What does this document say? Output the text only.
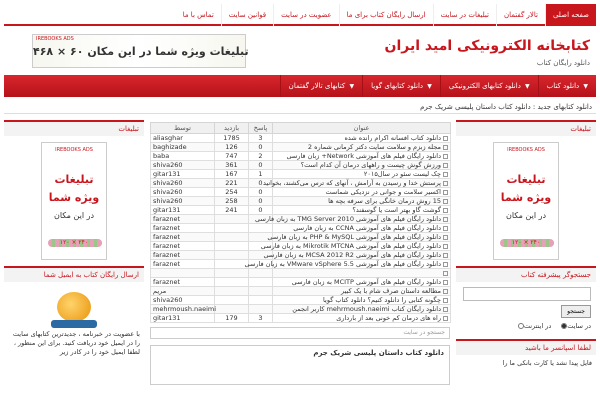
صفحه اصلی
تالار گفتمان
تبلیغات در سایت
ارسال رایگان کتاب برای ما
عضویت در سایت
قوانین سایت
تماس با ما
کتابخانه الکترونیکی امید ایران
دانلود رایگان کتاب
IREBOOKS ADS
تبلیغات ویژه شما در این مکان ۶۰ × ۴۶۸
دانلود کتاب ▼
دانلود کتابهای الکترونیکی ▼
دانلود کتابهای گویا ▼
کتابهای تالار گفتمان ▼
دانلود کتابهای جدید : دانلود کتاب داستان پلیسی شریک جرم
تبلیغات
IREBOOKS ADS
تبلیغات
ویژه شما
در این مکان
۱۲۰ × ۲۴۰
ارسال رایگان کتاب به ایمیل شما
با عضویت در خبرنامه ، جدیدترین کتابهای سایت را در ایمیل خود دریافت کنید. برای این منظور ، لطفا ایمیل خود را در کادر زیر
عنوان	پاسخ	بازدید	توسط
دانلود کتاب افسانه اکرام رانده شده	3	1785	aliasghar
مجله زبزم و سلامت سایت دکتر کرمانی شماره 2	0	126	baghizade
دانلود رایگان فیلم های آموزشی Network+ زبان فارسی	2	747	baba
ورزش گوش چیست و راههای درمان آن کدام است؟	0	361	shiva260
چک لیست سئو در سال۲۰۱۵	1	167	gitar131
پرستش خدا و رسیدن به آرامش ، آنهای که ترس می‌کشند، بخوانید	0	221	shiva260
اکسیر سلامت و جوانی در نزدیکی شماست	0	254	shiva260
15 روش درمان خانگی برای سرفه بچه ها	0	258	shiva260
گوشت گاو بهتر است یا گوسفند؟	0	241	gitar131
دانلود رایگان فیلم های آموزشی TMG Server 2010 به زبان فارسی			faraznet
دانلود رایگان فیلم های آموزشی CCNA به زبان فارسی			faraznet
دانلود رایگان فیلم های آموزشی PHP & MySQL به زبان فارسی			faraznet
دانلود رایگان فیلم های آموزشی Mikrotik MTCNA به زبان فارسی			faraznet
دانلود رایگان فیلم های آموزشی MCSA 2012 R2 به زبان فارسی			faraznet
دانلود رایگان فیلم های آموزشی VMware vSphere 5.5 به زبان فارسی			faraznet

دانلود رایگان فیلم های آموزشی MCITP به زبان فارسی			faraznet
مطالعه داستان صرف شام با یک کبیر			مریم
چگونه کتابی را دانلود کنیم؟ دانلود کتاب گویا			shiva260
دانلود رایگان کتاب mehrmoush.naeimi کاربر انجمن			mehrmoush.naeimi
راه های درمان کم خونی بعد از بارداری	3	179	gitar131
جستجو در سایت
دانلود کتاب داستان پلیسی شریک جرم
تبلیغات
IREBOOKS ADS
تبلیغات
ویژه شما
در این مکان
۱۲۰ × ۲۴۰
جستجوگر پیشرفته کتاب
جستجو
در سایت
در اینترنت
لطفا اسپانسر ما باشید
فایل پیدا نشد یا کارت بانکی ما را
